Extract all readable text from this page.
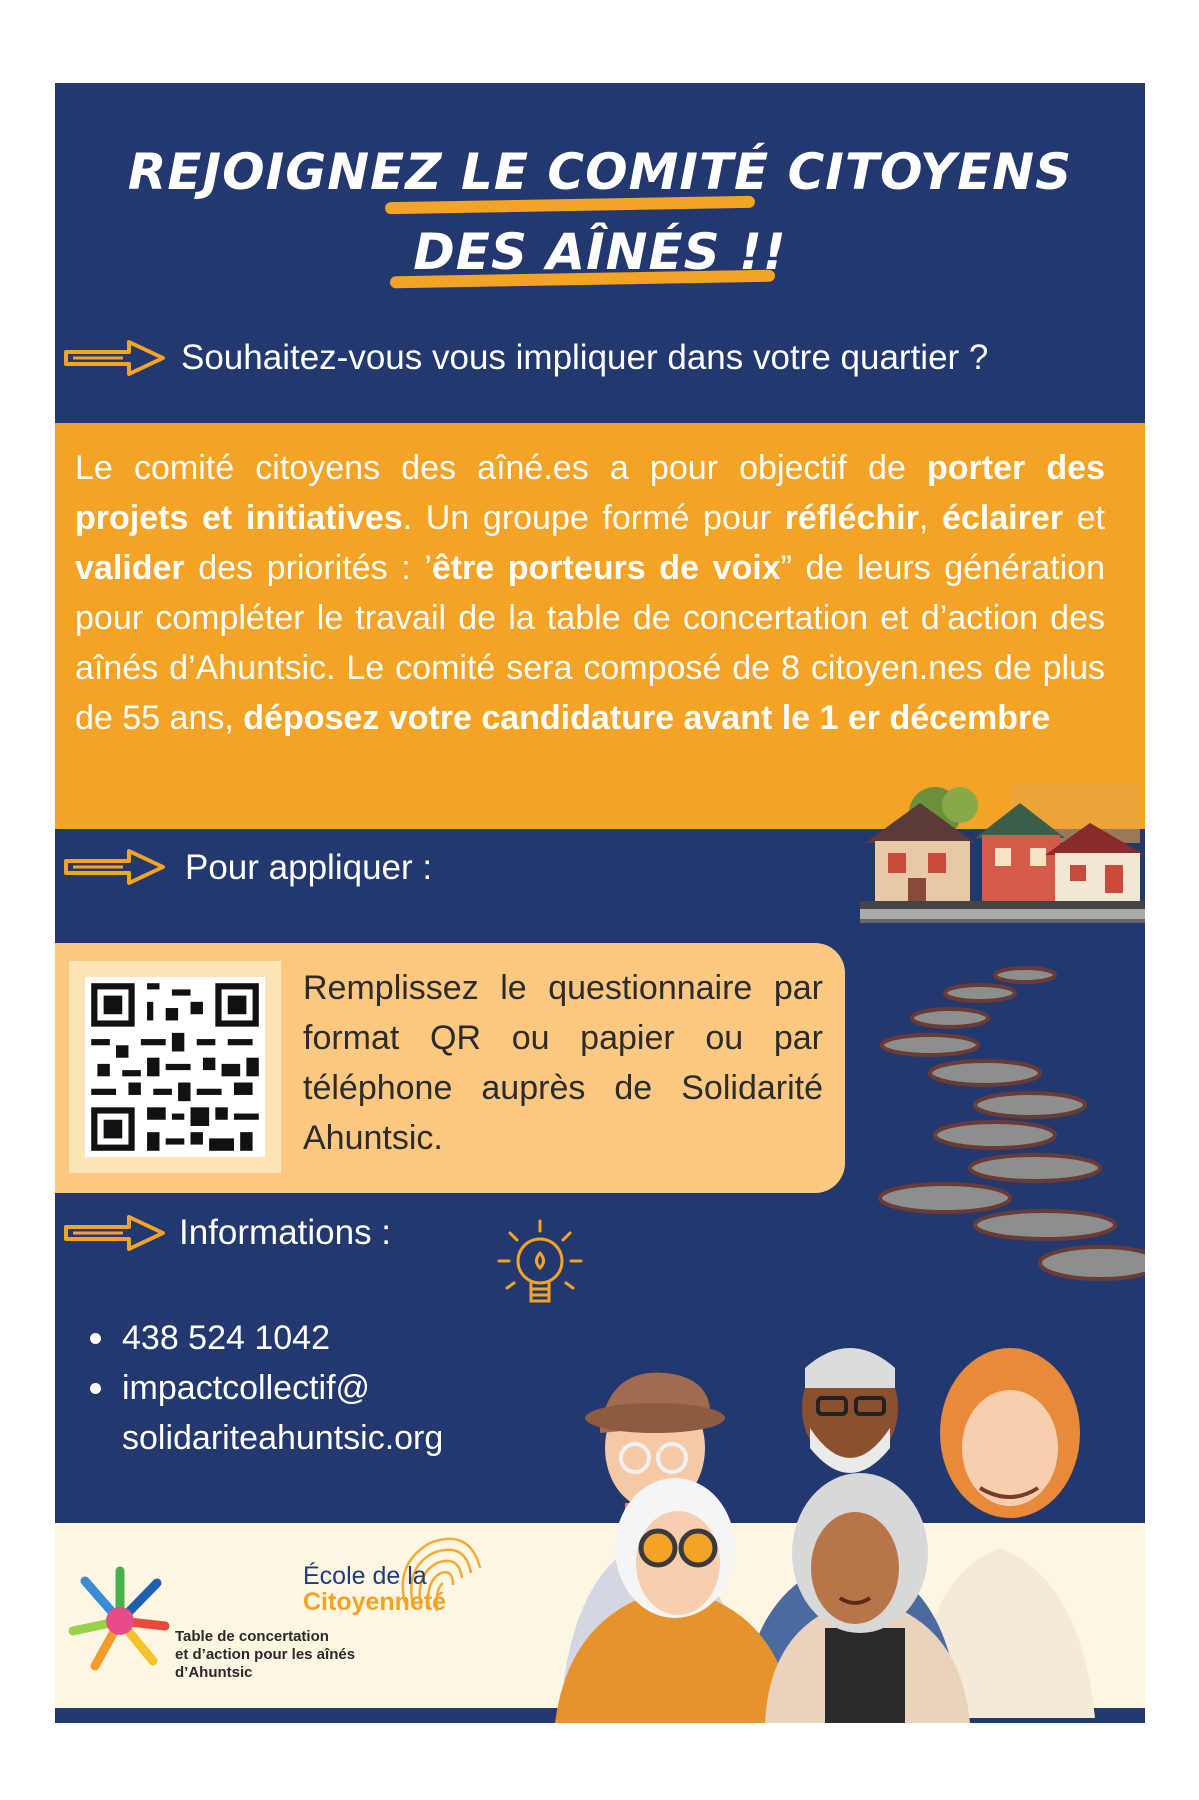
REJOIGNEZ LE COMITÉ CITOYENS
DES AÎNÉS !!
Souhaitez-vous vous impliquer dans votre quartier ?
Le comité citoyens des aîné.es a pour objectif de porter des projets et initiatives. Un groupe formé pour réfléchir, éclairer et valider des priorités : ’être porteurs de voix” de leurs génération pour compléter le travail de la table de concertation et d’action des aînés d’Ahuntsic. Le comité sera composé de 8 citoyen.nes de plus de 55 ans, déposez votre candidature avant le 1 er décembre
Pour appliquer :
Remplissez le questionnaire par format QR ou papier ou par téléphone auprès de Solidarité Ahuntsic.
Informations :
438 524 1042
impactcollectif@
solidariteahuntsic.org
Table de concertation
et d’action pour les aînés
d’Ahuntsic
École de la
Citoyenneté
